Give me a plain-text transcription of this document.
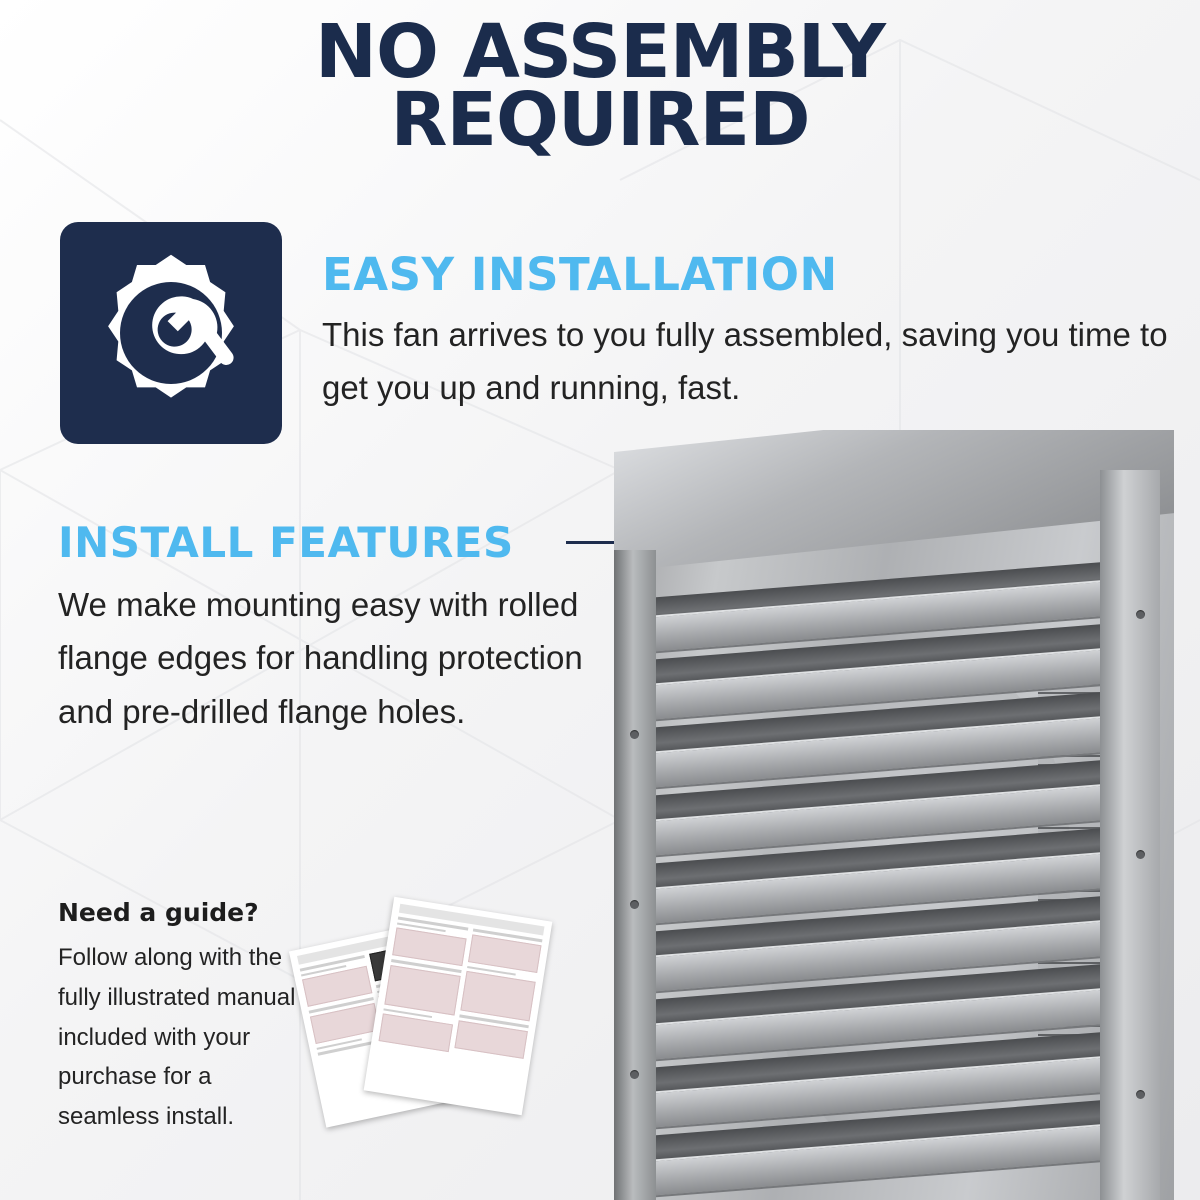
NO ASSEMBLY
REQUIRED
EASY INSTALLATION
This fan arrives to you fully assembled, saving you time to get you up and running, fast.
INSTALL FEATURES
We make mounting easy with rolled flange edges for handling protection and pre-drilled flange holes.
Need a guide?
Follow along with the fully illustrated manual included with your purchase for a seamless install.
